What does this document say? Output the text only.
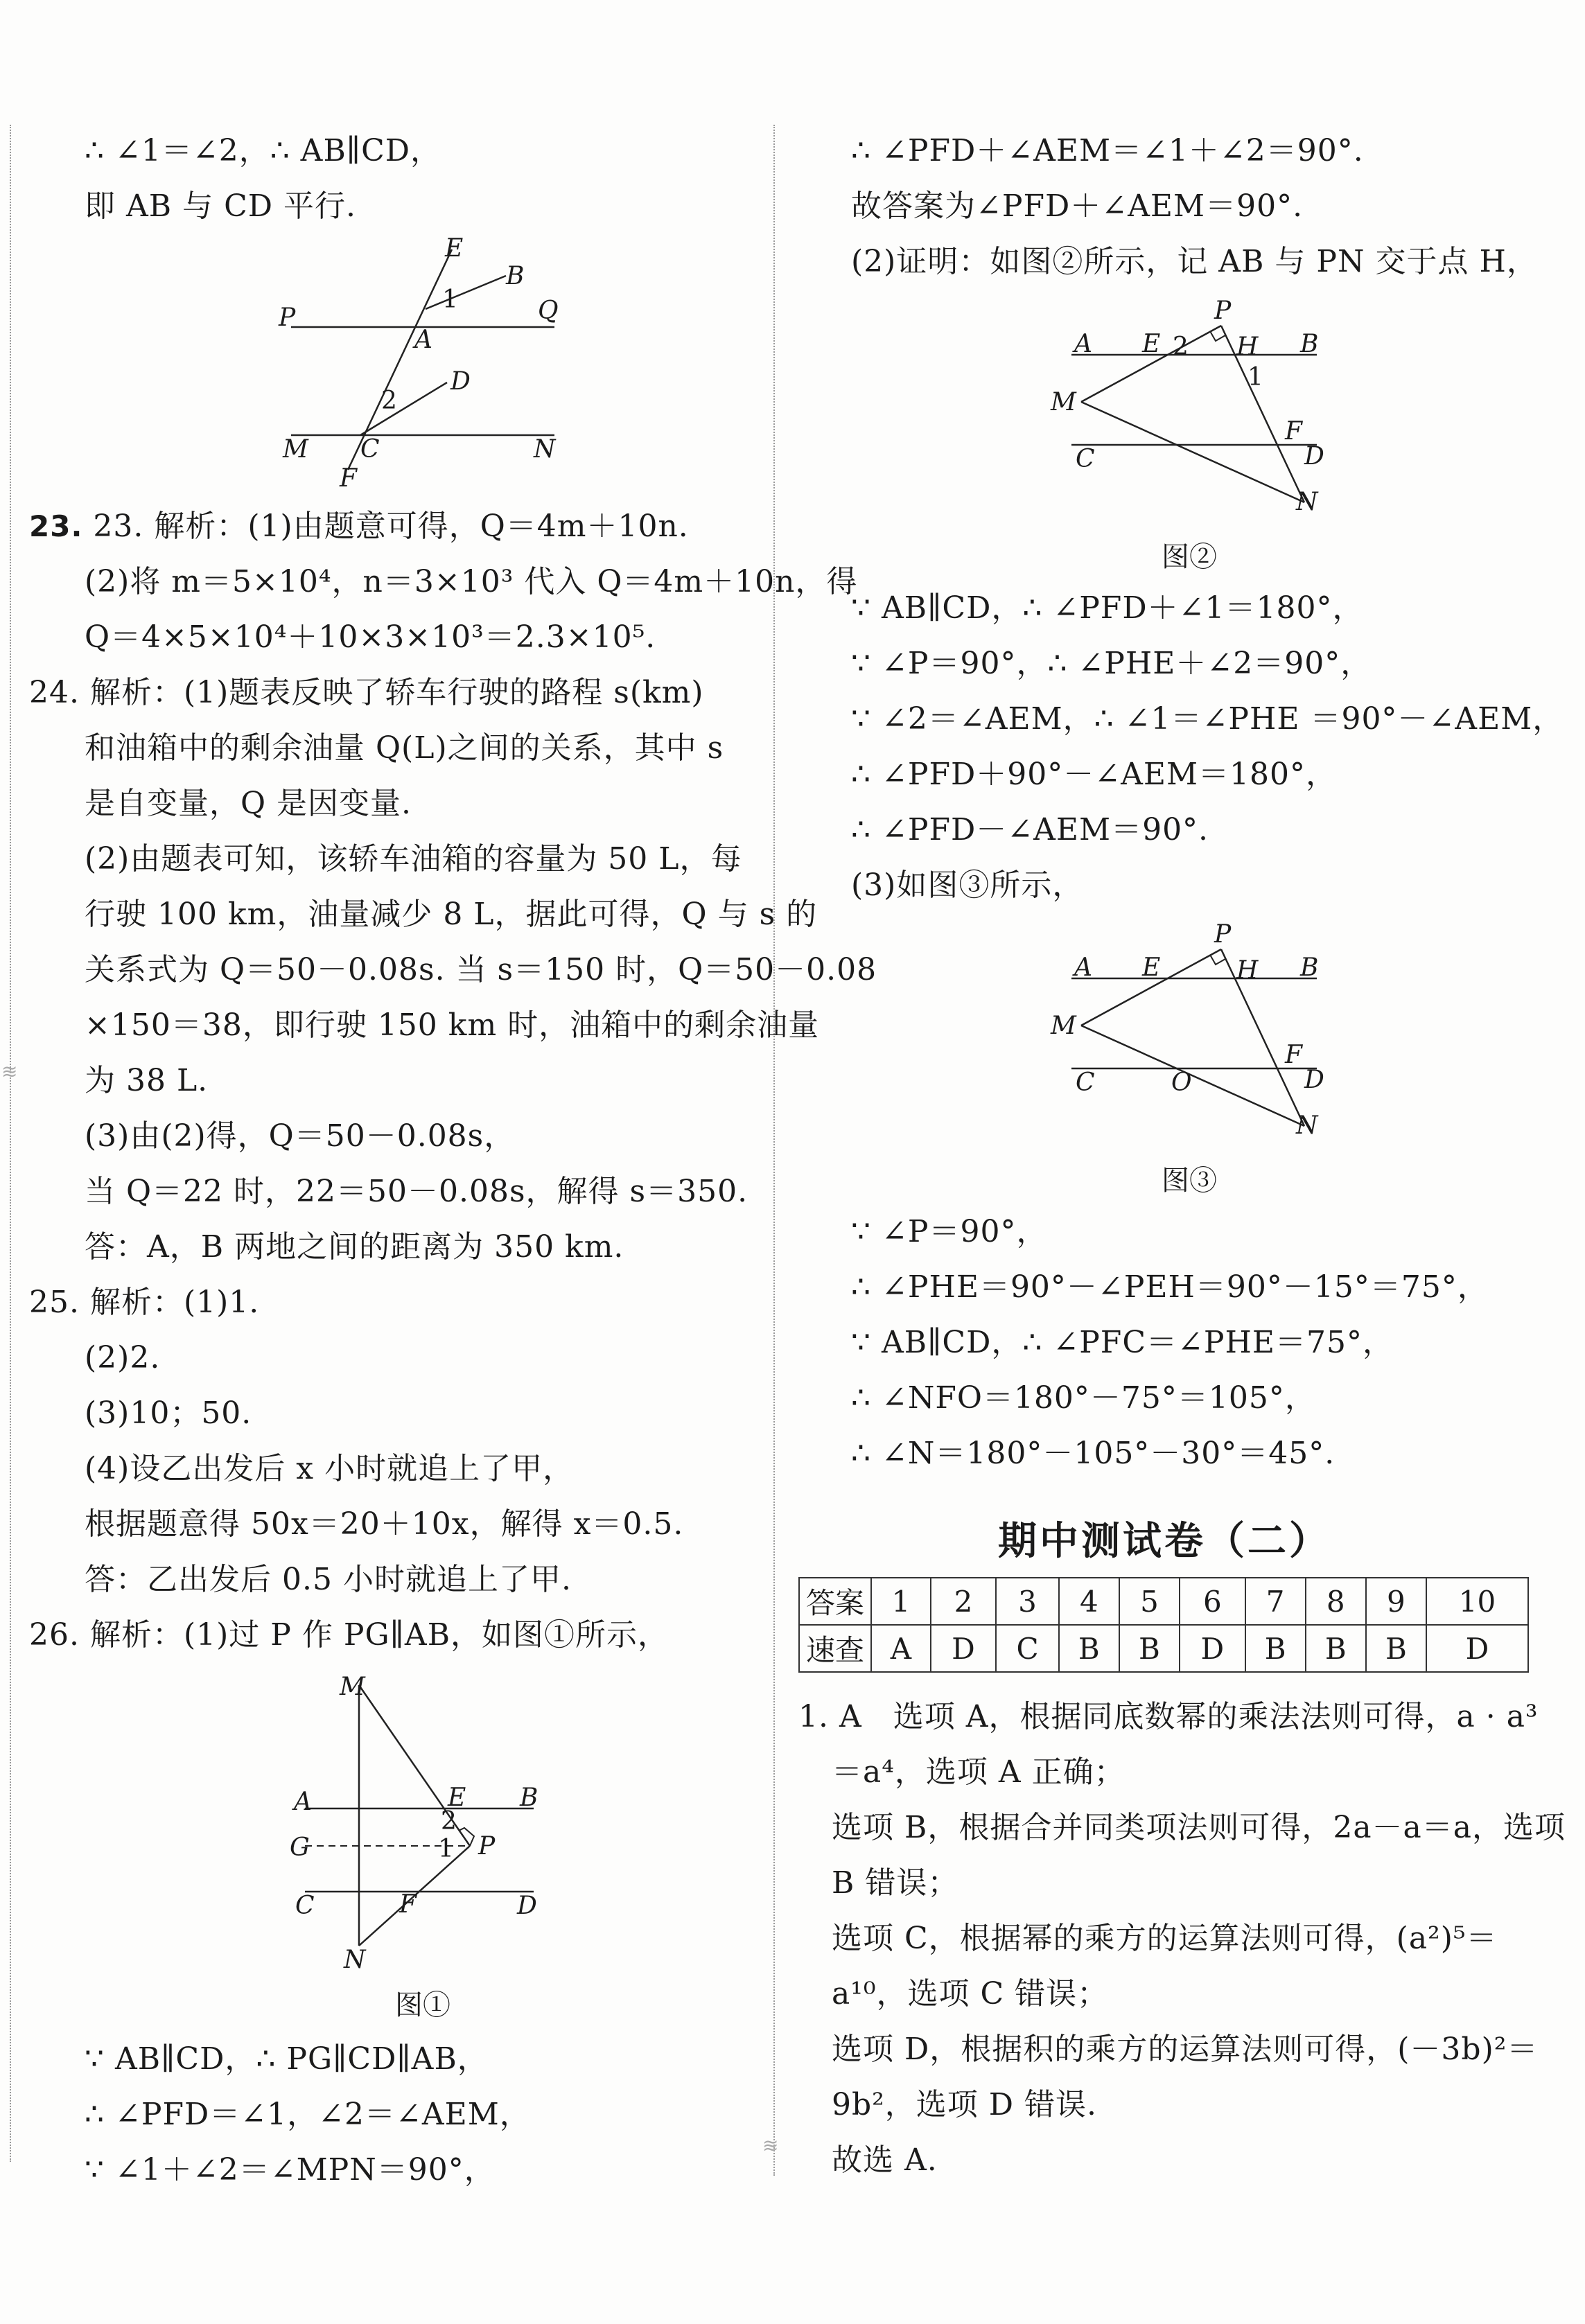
≋
≋
∴ ∠1＝∠2，∴ AB∥CD，
即 AB 与 CD 平行.
E
B
P
1	Q
A
D
2
M C	N
F
23. 23. 解析：(1)由题意可得，Q＝4m＋10n.
(2)将 m＝5×10⁴，n＝3×10³ 代入 Q＝4m＋10n，得
Q＝4×5×10⁴＋10×3×10³＝2.3×10⁵.
24. 解析：(1)题表反映了轿车行驶的路程 s(km)
和油箱中的剩余油量 Q(L)之间的关系，其中 s
是自变量，Q 是因变量.
(2)由题表可知，该轿车油箱的容量为 50 L，每
行驶 100 km，油量减少 8 L，据此可得，Q 与 s 的
关系式为 Q＝50－0.08s. 当 s＝150 时，Q＝50－0.08
×150＝38，即行驶 150 km 时，油箱中的剩余油量
为 38 L.
(3)由(2)得，Q＝50－0.08s，
当 Q＝22 时，22＝50－0.08s，解得 s＝350.
答：A，B 两地之间的距离为 350 km.
25. 解析：(1)1.
(2)2.
(3)10；50.
(4)设乙出发后 x 小时就追上了甲，
根据题意得 50x＝20＋10x，解得 x＝0.5.
答：乙出发后 0.5 小时就追上了甲.
26. 解析：(1)过 P 作 PG∥AB，如图①所示，
M
A	E B
2
G	1 P
C	F	D
N
图①
∵ AB∥CD，∴ PG∥CD∥AB，
∴ ∠PFD＝∠1，∠2＝∠AEM，
∵ ∠1＋∠2＝∠MPN＝90°，
∴ ∠PFD＋∠AEM＝∠1＋∠2＝90°.
故答案为∠PFD＋∠AEM＝90°.
(2)证明：如图②所示，记 AB 与 PN 交于点 H，
P
A E 2 H B
1
M
F
C	D
N
图②
∵ AB∥CD，∴ ∠PFD＋∠1＝180°，
∵ ∠P＝90°，∴ ∠PHE＋∠2＝90°，
∵ ∠2＝∠AEM，∴ ∠1＝∠PHE ＝90°－∠AEM，
∴ ∠PFD＋90°－∠AEM＝180°，
∴ ∠PFD－∠AEM＝90°.
(3)如图③所示，
P
A E	H B
M
F
C	O	D
N
图③
∵ ∠P＝90°，
∴ ∠PHE＝90°－∠PEH＝90°－15°＝75°，
∵ AB∥CD，∴ ∠PFC＝∠PHE＝75°，
∴ ∠NFO＝180°－75°＝105°，
∴ ∠N＝180°－105°－30°＝45°.
期中测试卷（二）
答案	1	2	3	4	5	6	7	8	9	10
速查	A	D	C	B	B	D	B	B	B	D
1. A　选项 A，根据同底数幂的乘法法则可得，a · a³
＝a⁴，选项 A 正确；
选项 B，根据合并同类项法则可得，2a－a＝a，选项
B 错误；
选项 C，根据幂的乘方的运算法则可得，(a²)⁵＝
a¹⁰，选项 C 错误；
选项 D，根据积的乘方的运算法则可得，(－3b)²＝
9b²，选项 D 错误.
故选 A.
